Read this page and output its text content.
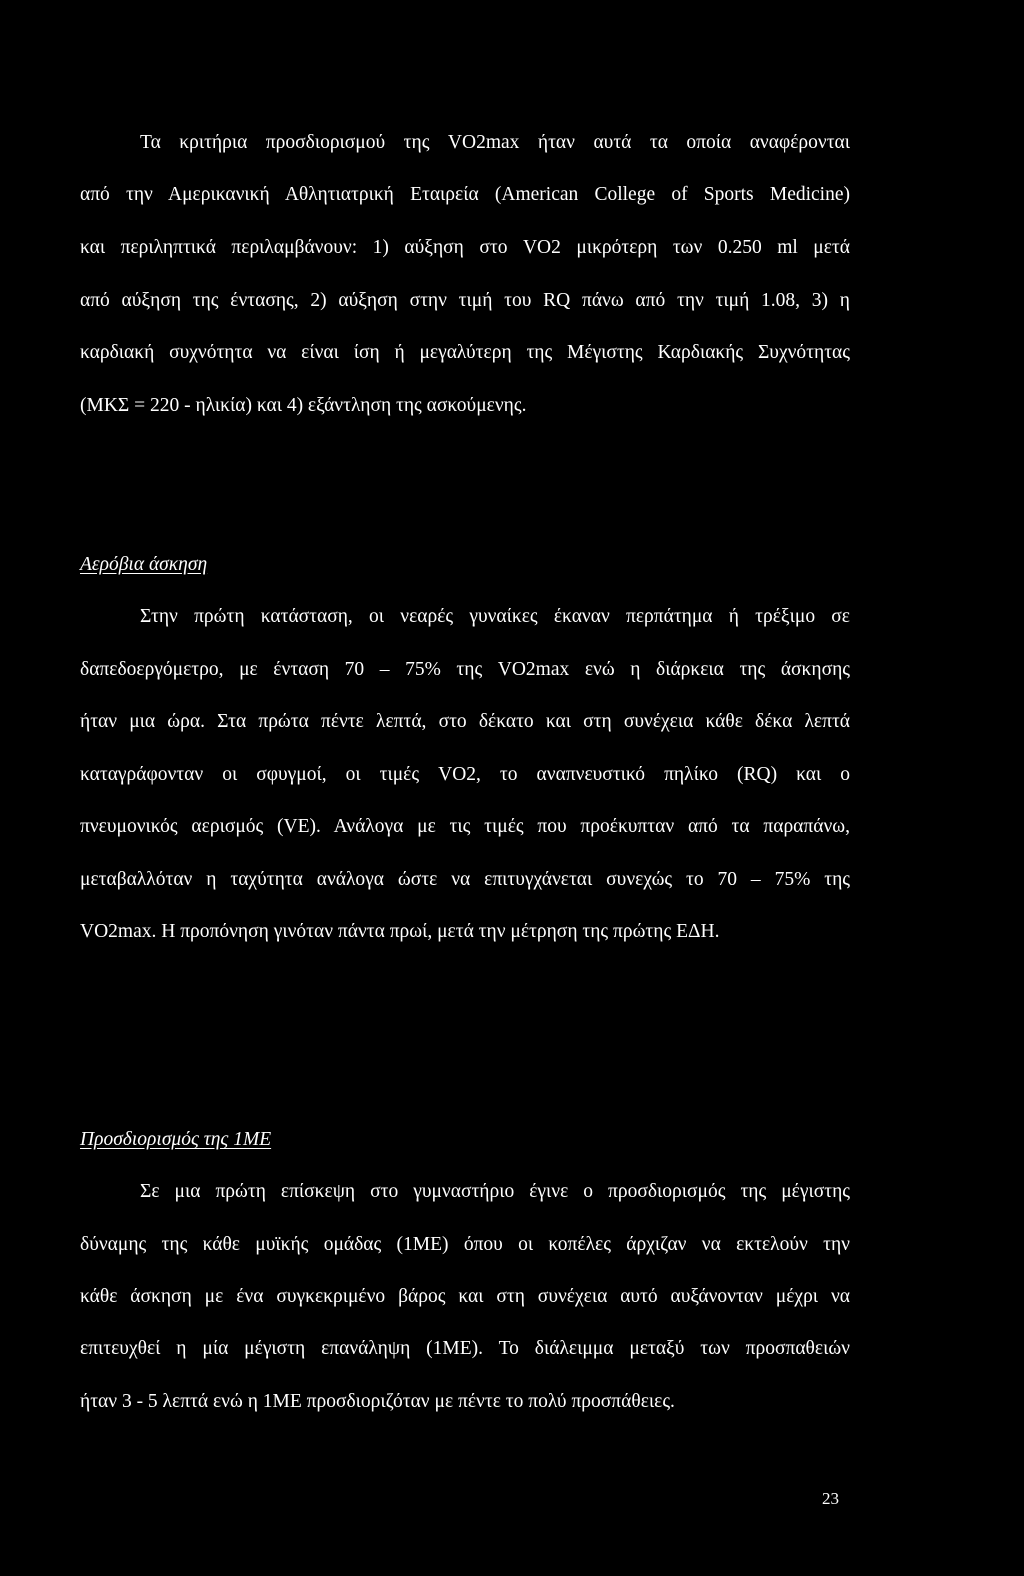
Τα κριτήρια προσδιορισμού της VO2max ήταν αυτά τα οποία αναφέρονται

από την Αμερικανική Αθλητιατρική Εταιρεία (American College of Sports Medicine)

και περιληπτικά περιλαμβάνουν: 1) αύξηση στο VO2 μικρότερη των 0.250 ml μετά

από αύξηση της έντασης, 2) αύξηση στην τιμή του RQ πάνω από την τιμή 1.08, 3) η

καρδιακή συχνότητα να είναι ίση ή μεγαλύτερη της Μέγιστης Καρδιακής Συχνότητας

(ΜΚΣ = 220 - ηλικία) και 4) εξάντληση της ασκούμενης.

Αερόβια άσκηση

Στην πρώτη κατάσταση, οι νεαρές γυναίκες έκαναν περπάτημα ή τρέξιμο σε

δαπεδοεργόμετρο, με ένταση 70 – 75% της VO2max ενώ η διάρκεια της άσκησης

ήταν μια ώρα. Στα πρώτα πέντε λεπτά, στο δέκατο και στη συνέχεια κάθε δέκα λεπτά

καταγράφονταν οι σφυγμοί, οι τιμές VO2, το αναπνευστικό πηλίκο (RQ) και ο

πνευμονικός αερισμός (VE). Ανάλογα με τις τιμές που προέκυπταν από τα παραπάνω,

μεταβαλλόταν η ταχύτητα ανάλογα ώστε να επιτυγχάνεται συνεχώς το 70 – 75% της

VO2max. Η προπόνηση γινόταν πάντα πρωί, μετά την μέτρηση της πρώτης ΕΔΗ.

Προσδιορισμός της 1ΜΕ

Σε μια πρώτη επίσκεψη στο γυμναστήριο έγινε ο προσδιορισμός της μέγιστης

δύναμης της κάθε μυϊκής ομάδας (1ΜΕ) όπου οι κοπέλες άρχιζαν να εκτελούν την

κάθε άσκηση με ένα συγκεκριμένο βάρος και στη συνέχεια αυτό αυξάνονταν μέχρι να

επιτευχθεί η μία μέγιστη επανάληψη (1ΜΕ). Το διάλειμμα μεταξύ των προσπαθειών

ήταν 3 - 5 λεπτά ενώ η 1ΜΕ προσδιοριζόταν με πέντε το πολύ προσπάθειες.

23
